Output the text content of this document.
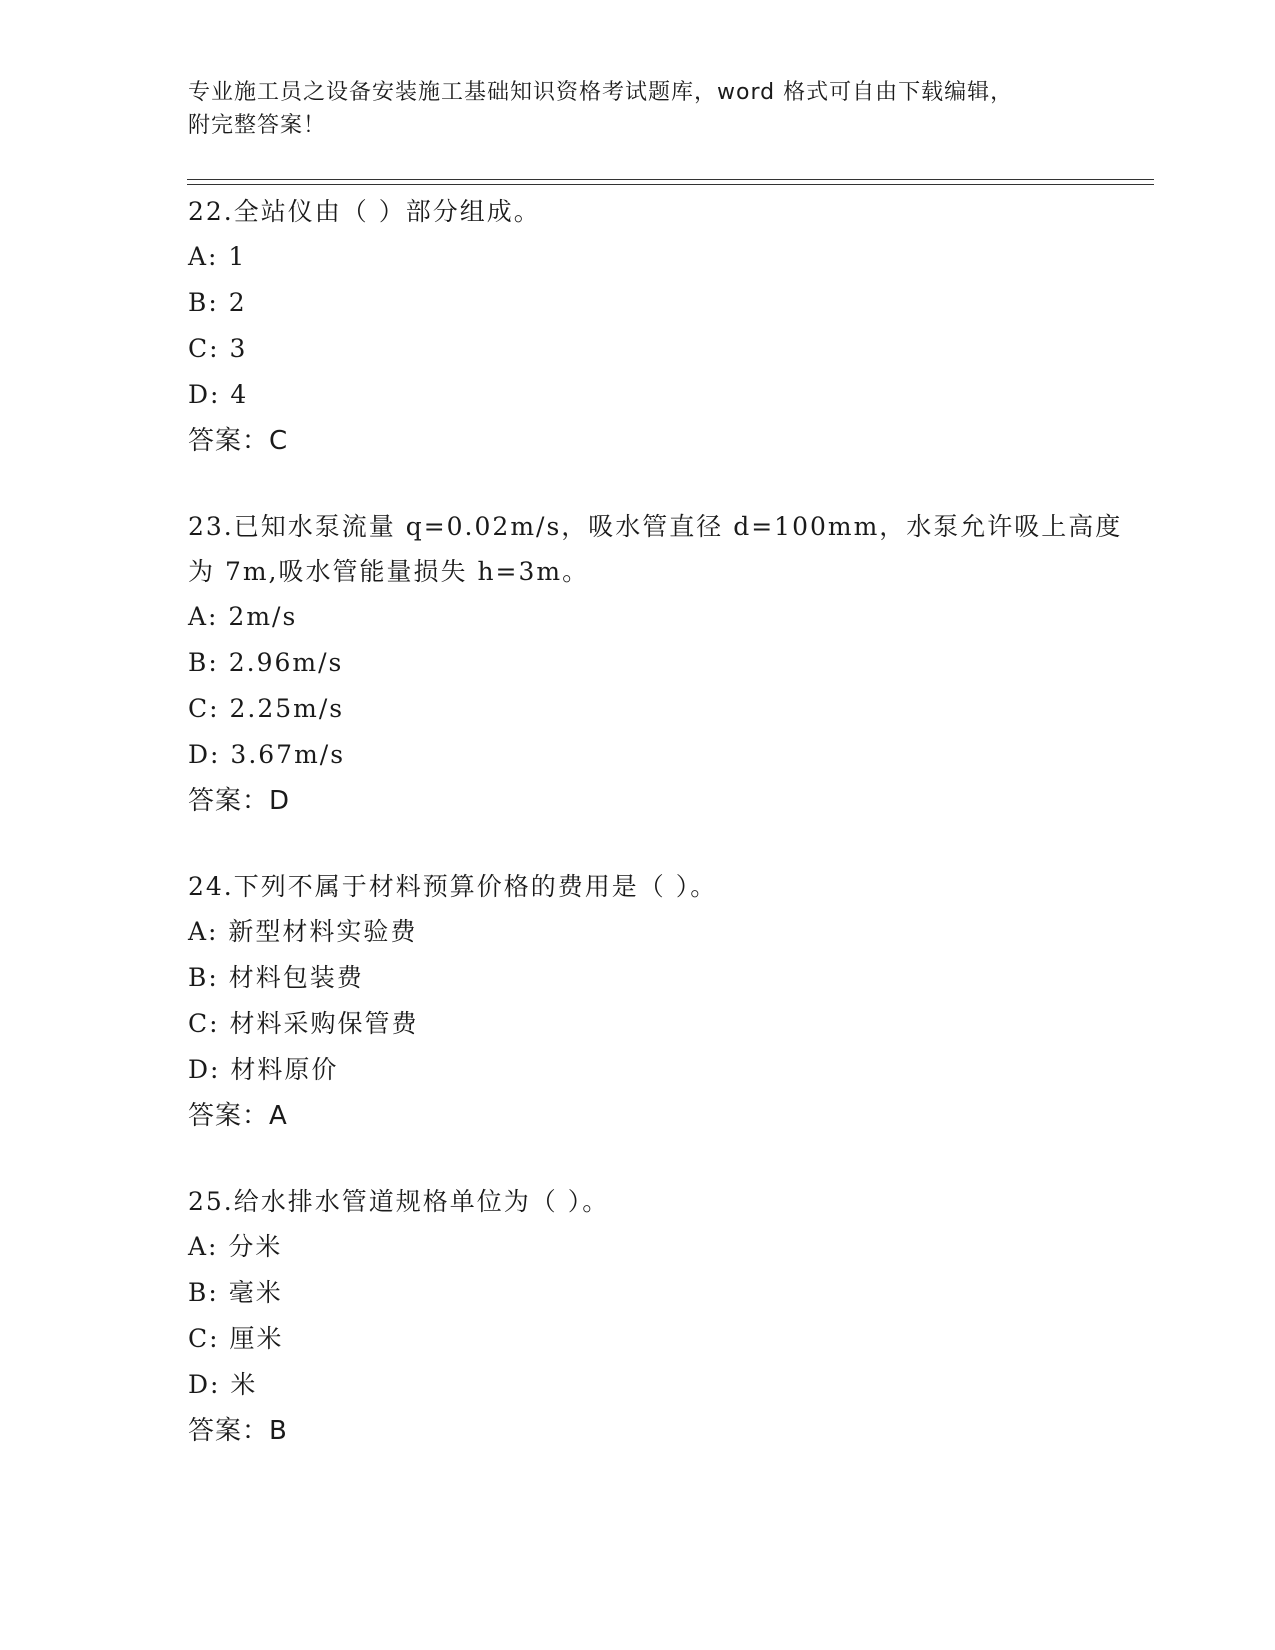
专业施工员之设备安装施工基础知识资格考试题库，word 格式可自由下载编辑，
附完整答案！

22.全站仪由（ ）部分组成。

A: 1
B: 2
C: 3
D: 4
答案：C

23.已知水泵流量 q=0.02m/s，吸水管直径 d=100mm，水泵允许吸上高度为 7m,吸水管能量损失 h=3m。

A: 2m/s
B: 2.96m/s
C: 2.25m/s
D: 3.67m/s
答案：D

24.下列不属于材料预算价格的费用是（ ）。

A: 新型材料实验费
B: 材料包装费
C: 材料采购保管费
D: 材料原价
答案：A

25.给水排水管道规格单位为（ ）。

A: 分米
B: 毫米
C: 厘米
D: 米
答案：B
